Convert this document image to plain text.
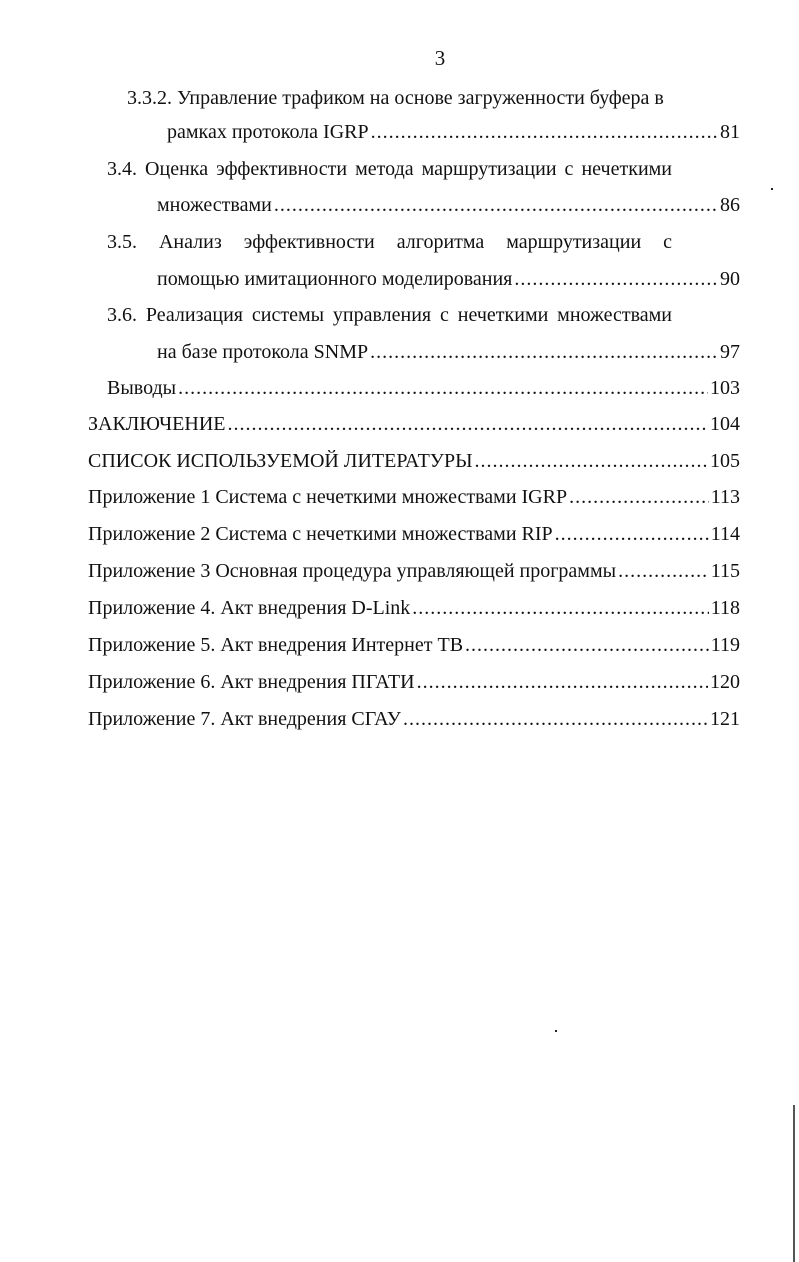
3
3.3.2. Управление трафиком на основе загруженности буфера в
рамках протокола IGRP .....	81
3.4. Оценка эффективности метода маршрутизации с нечеткими
множествами .....	86
3.5. Анализ эффективности алгоритма маршрутизации с
помощью имитационного моделирования .....	90
3.6. Реализация системы управления с нечеткими множествами
на базе протокола SNMP .....	97
Выводы .....	103
ЗАКЛЮЧЕНИЕ .....	104
СПИСОК ИСПОЛЬЗУЕМОЙ ЛИТЕРАТУРЫ .....	105
Приложение 1 Система с нечеткими множествами IGRP .....	113
Приложение 2 Система с нечеткими множествами RIP .....	114
Приложение 3 Основная процедура управляющей программы .....	115
Приложение 4. Акт внедрения D-Link .....	118
Приложение 5. Акт внедрения Интернет ТВ .....	119
Приложение 6. Акт внедрения ПГАТИ .....	120
Приложение 7. Акт внедрения СГАУ .....	121
